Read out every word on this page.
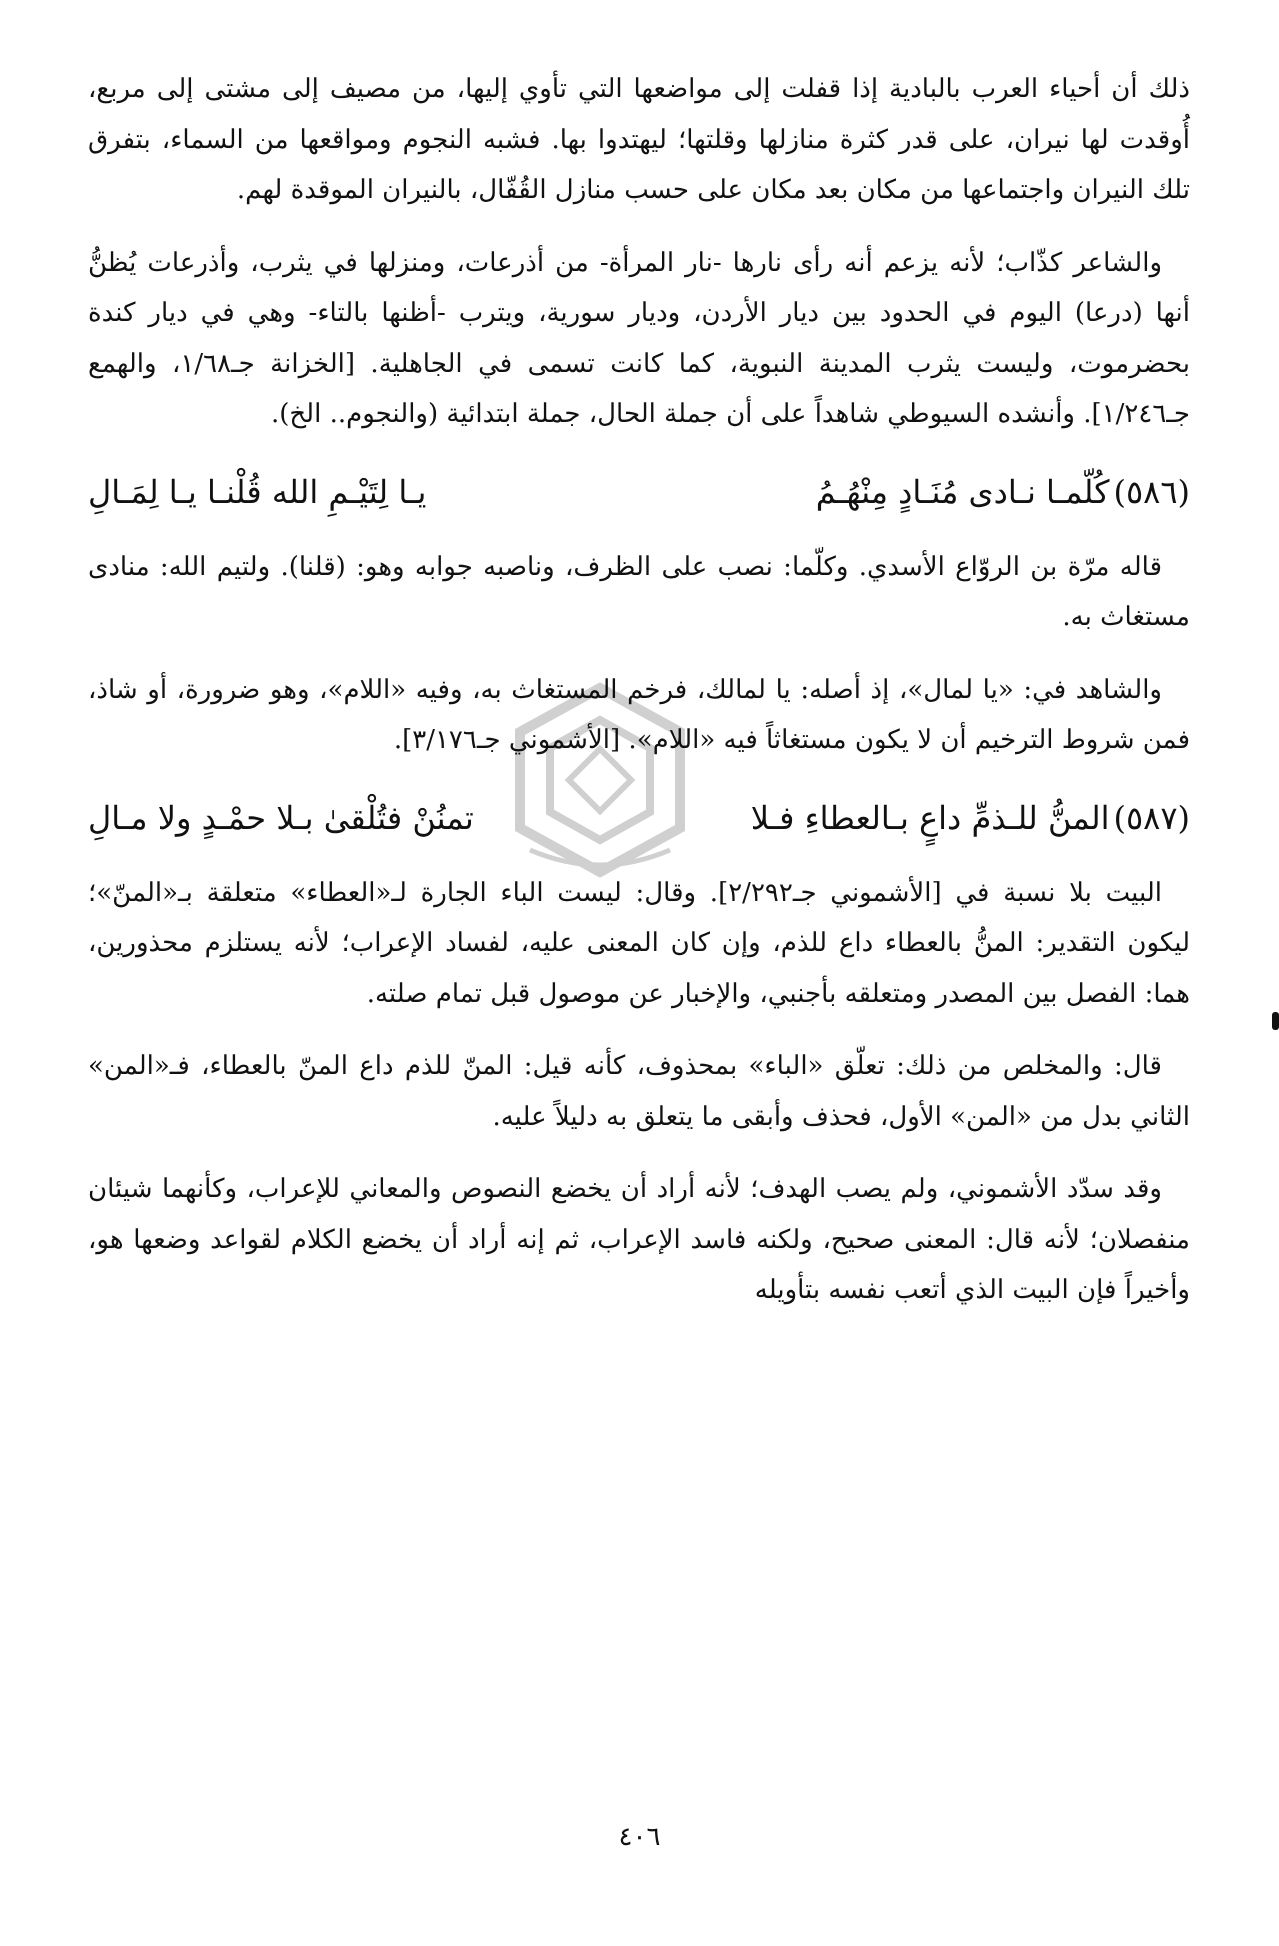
ذلك أن أحياء العرب بالبادية إذا قفلت إلى مواضعها التي تأوي إليها، من مصيف إلى مشتى إلى مربع، أُوقدت لها نيران، على قدر كثرة منازلها وقلتها؛ ليهتدوا بها. فشبه النجوم ومواقعها من السماء، بتفرق تلك النيران واجتماعها من مكان بعد مكان على حسب منازل القُفّال، بالنيران الموقدة لهم.

والشاعر كذّاب؛ لأنه يزعم أنه رأى نارها -نار المرأة- من أذرعات، ومنزلها في يثرب، وأذرعات يُظنُّ أنها (درعا) اليوم في الحدود بين ديار الأردن، وديار سورية، ويترب -أظنها بالتاء- وهي في ديار كندة بحضرموت، وليست يثرب المدينة النبوية، كما كانت تسمى في الجاهلية. [الخزانة جـ١/٦٨، والهمع جـ١/٢٤٦]. وأنشده السيوطي شاهداً على أن جملة الحال، جملة ابتدائية (والنجوم.. الخ).

(٥٨٦)
كُلّمـا نـادى مُنَـادٍ مِنْهُـمُ
يـا لِتَيْـمِ الله قُلْنـا يـا لِمَـالِ

قاله مرّة بن الروّاع الأسدي. وكلّما: نصب على الظرف، وناصبه جوابه وهو: (قلنا). ولتيم الله: منادى مستغاث به.

والشاهد في: «يا لمال»، إذ أصله: يا لمالك، فرخم المستغاث به، وفيه «اللام»، وهو ضرورة، أو شاذ، فمن شروط الترخيم أن لا يكون مستغاثاً فيه «اللام». [الأشموني جـ٣/١٧٦].

(٥٨٧)
المنُّ للـذمِّ داعٍ بـالعطاءِ فـلا
تمنُنْ فتُلْقىٰ بـلا حمْـدٍ ولا مـالِ

البيت بلا نسبة في [الأشموني جـ٢/٢٩٢]. وقال: ليست الباء الجارة لـ«العطاء» متعلقة بـ«المنّ»؛ ليكون التقدير: المنُّ بالعطاء داع للذم، وإن كان المعنى عليه، لفساد الإعراب؛ لأنه يستلزم محذورين، هما: الفصل بين المصدر ومتعلقه بأجنبي، والإخبار عن موصول قبل تمام صلته.

قال: والمخلص من ذلك: تعلّق «الباء» بمحذوف، كأنه قيل: المنّ للذم داع المنّ بالعطاء، فـ«المن» الثاني بدل من «المن» الأول، فحذف وأبقى ما يتعلق به دليلاً عليه.

وقد سدّد الأشموني، ولم يصب الهدف؛ لأنه أراد أن يخضع النصوص والمعاني للإعراب، وكأنهما شيئان منفصلان؛ لأنه قال: المعنى صحيح، ولكنه فاسد الإعراب، ثم إنه أراد أن يخضع الكلام لقواعد وضعها هو، وأخيراً فإن البيت الذي أتعب نفسه بتأويله

٤٠٦
